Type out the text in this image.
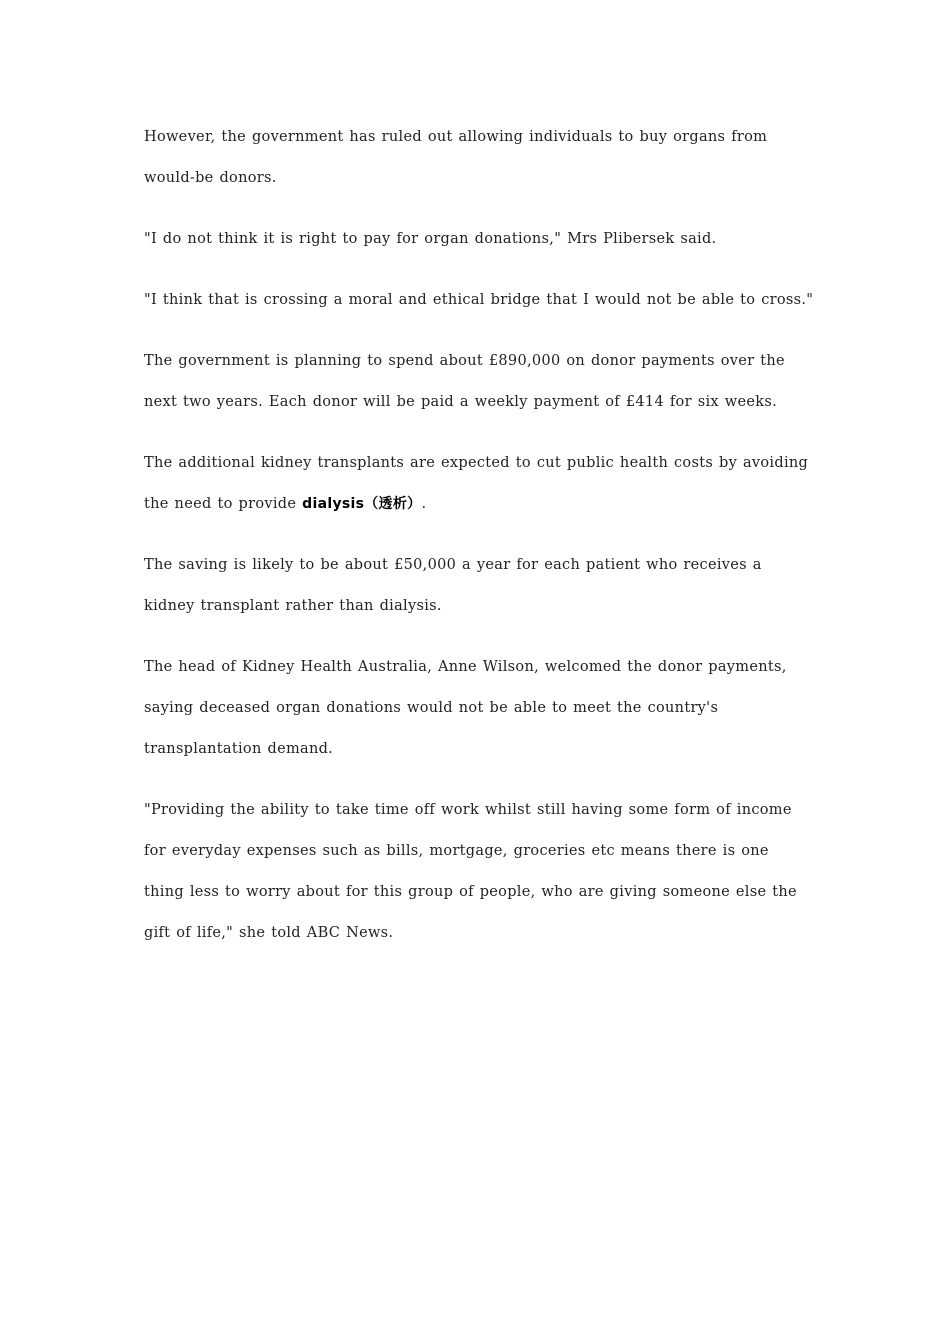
However, the government has ruled out allowing individuals to buy organs from would-be donors.

"I do not think it is right to pay for organ donations," Mrs Plibersek said.

"I think that is crossing a moral and ethical bridge that I would not be able to cross."

The government is planning to spend about £890,000 on donor payments over the next two years. Each donor will be paid a weekly payment of £414 for six weeks.

The additional kidney transplants are expected to cut public health costs by avoiding the need to provide dialysis（透析）.

The saving is likely to be about £50,000 a year for each patient who receives a kidney transplant rather than dialysis.

The head of Kidney Health Australia, Anne Wilson, welcomed the donor payments, saying deceased organ donations would not be able to meet the country's transplantation demand.

"Providing the ability to take time off work whilst still having some form of income for everyday expenses such as bills, mortgage, groceries etc means there is one thing less to worry about for this group of people, who are giving someone else the gift of life," she told ABC News.
